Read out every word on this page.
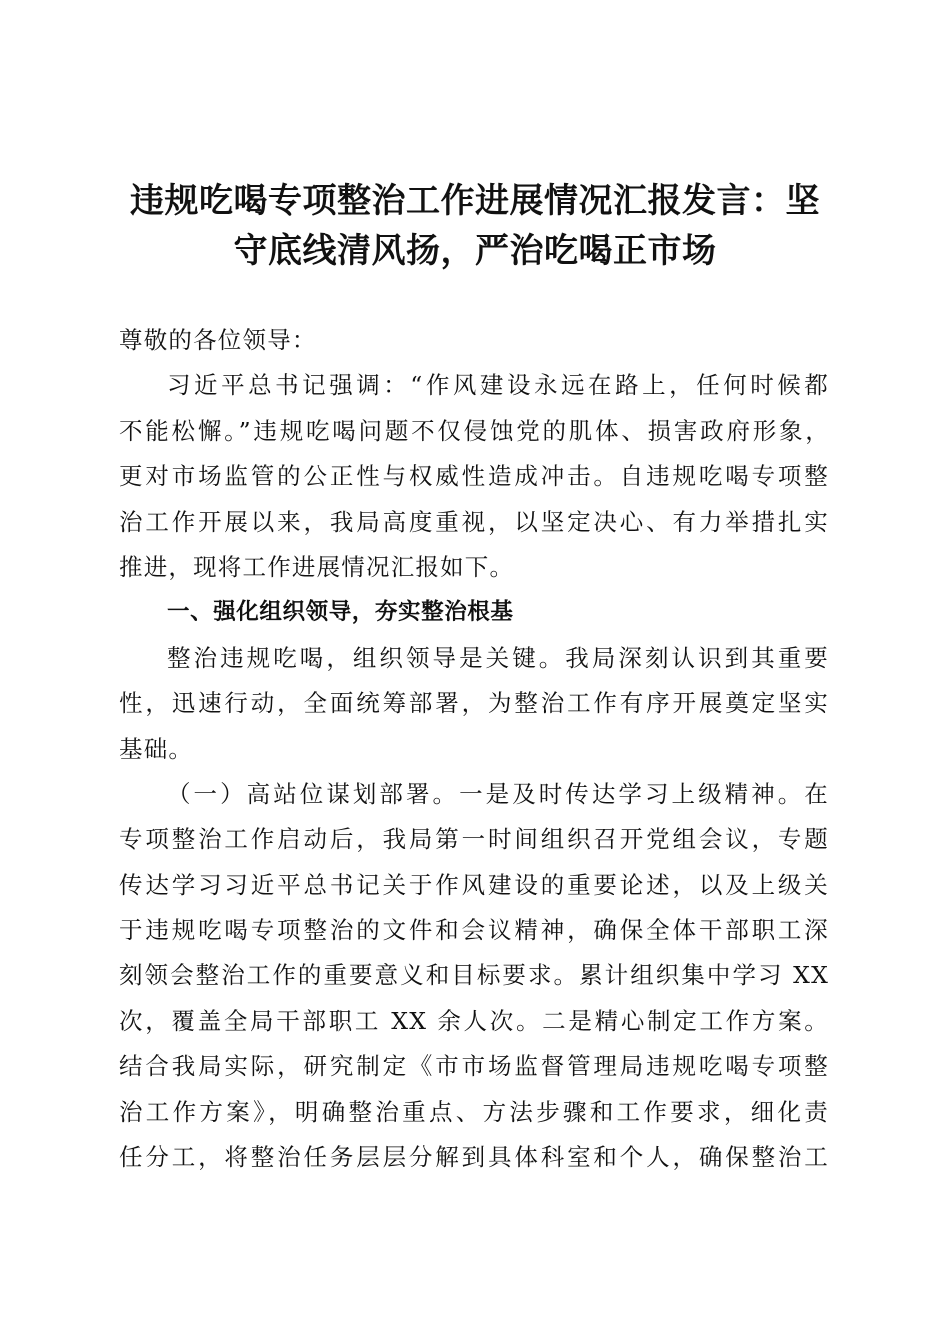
违规吃喝专项整治工作进展情况汇报发言：坚
守底线清风扬，严治吃喝正市场
尊敬的各位领导：
习近平总书记强调：“作风建设永远在路上，任何时候都
不能松懈。”违规吃喝问题不仅侵蚀党的肌体、损害政府形象，
更对市场监管的公正性与权威性造成冲击。自违规吃喝专项整
治工作开展以来，我局高度重视，以坚定决心、有力举措扎实
推进，现将工作进展情况汇报如下。
一、强化组织领导，夯实整治根基
整治违规吃喝，组织领导是关键。我局深刻认识到其重要
性，迅速行动，全面统筹部署，为整治工作有序开展奠定坚实
基础。
（一）高站位谋划部署。一是及时传达学习上级精神。在
专项整治工作启动后，我局第一时间组织召开党组会议，专题
传达学习习近平总书记关于作风建设的重要论述，以及上级关
于违规吃喝专项整治的文件和会议精神，确保全体干部职工深
刻领会整治工作的重要意义和目标要求。累计组织集中学习 XX
次，覆盖全局干部职工 XX 余人次。二是精心制定工作方案。
结合我局实际，研究制定《市市场监督管理局违规吃喝专项整
治工作方案》，明确整治重点、方法步骤和工作要求，细化责
任分工，将整治任务层层分解到具体科室和个人，确保整治工
